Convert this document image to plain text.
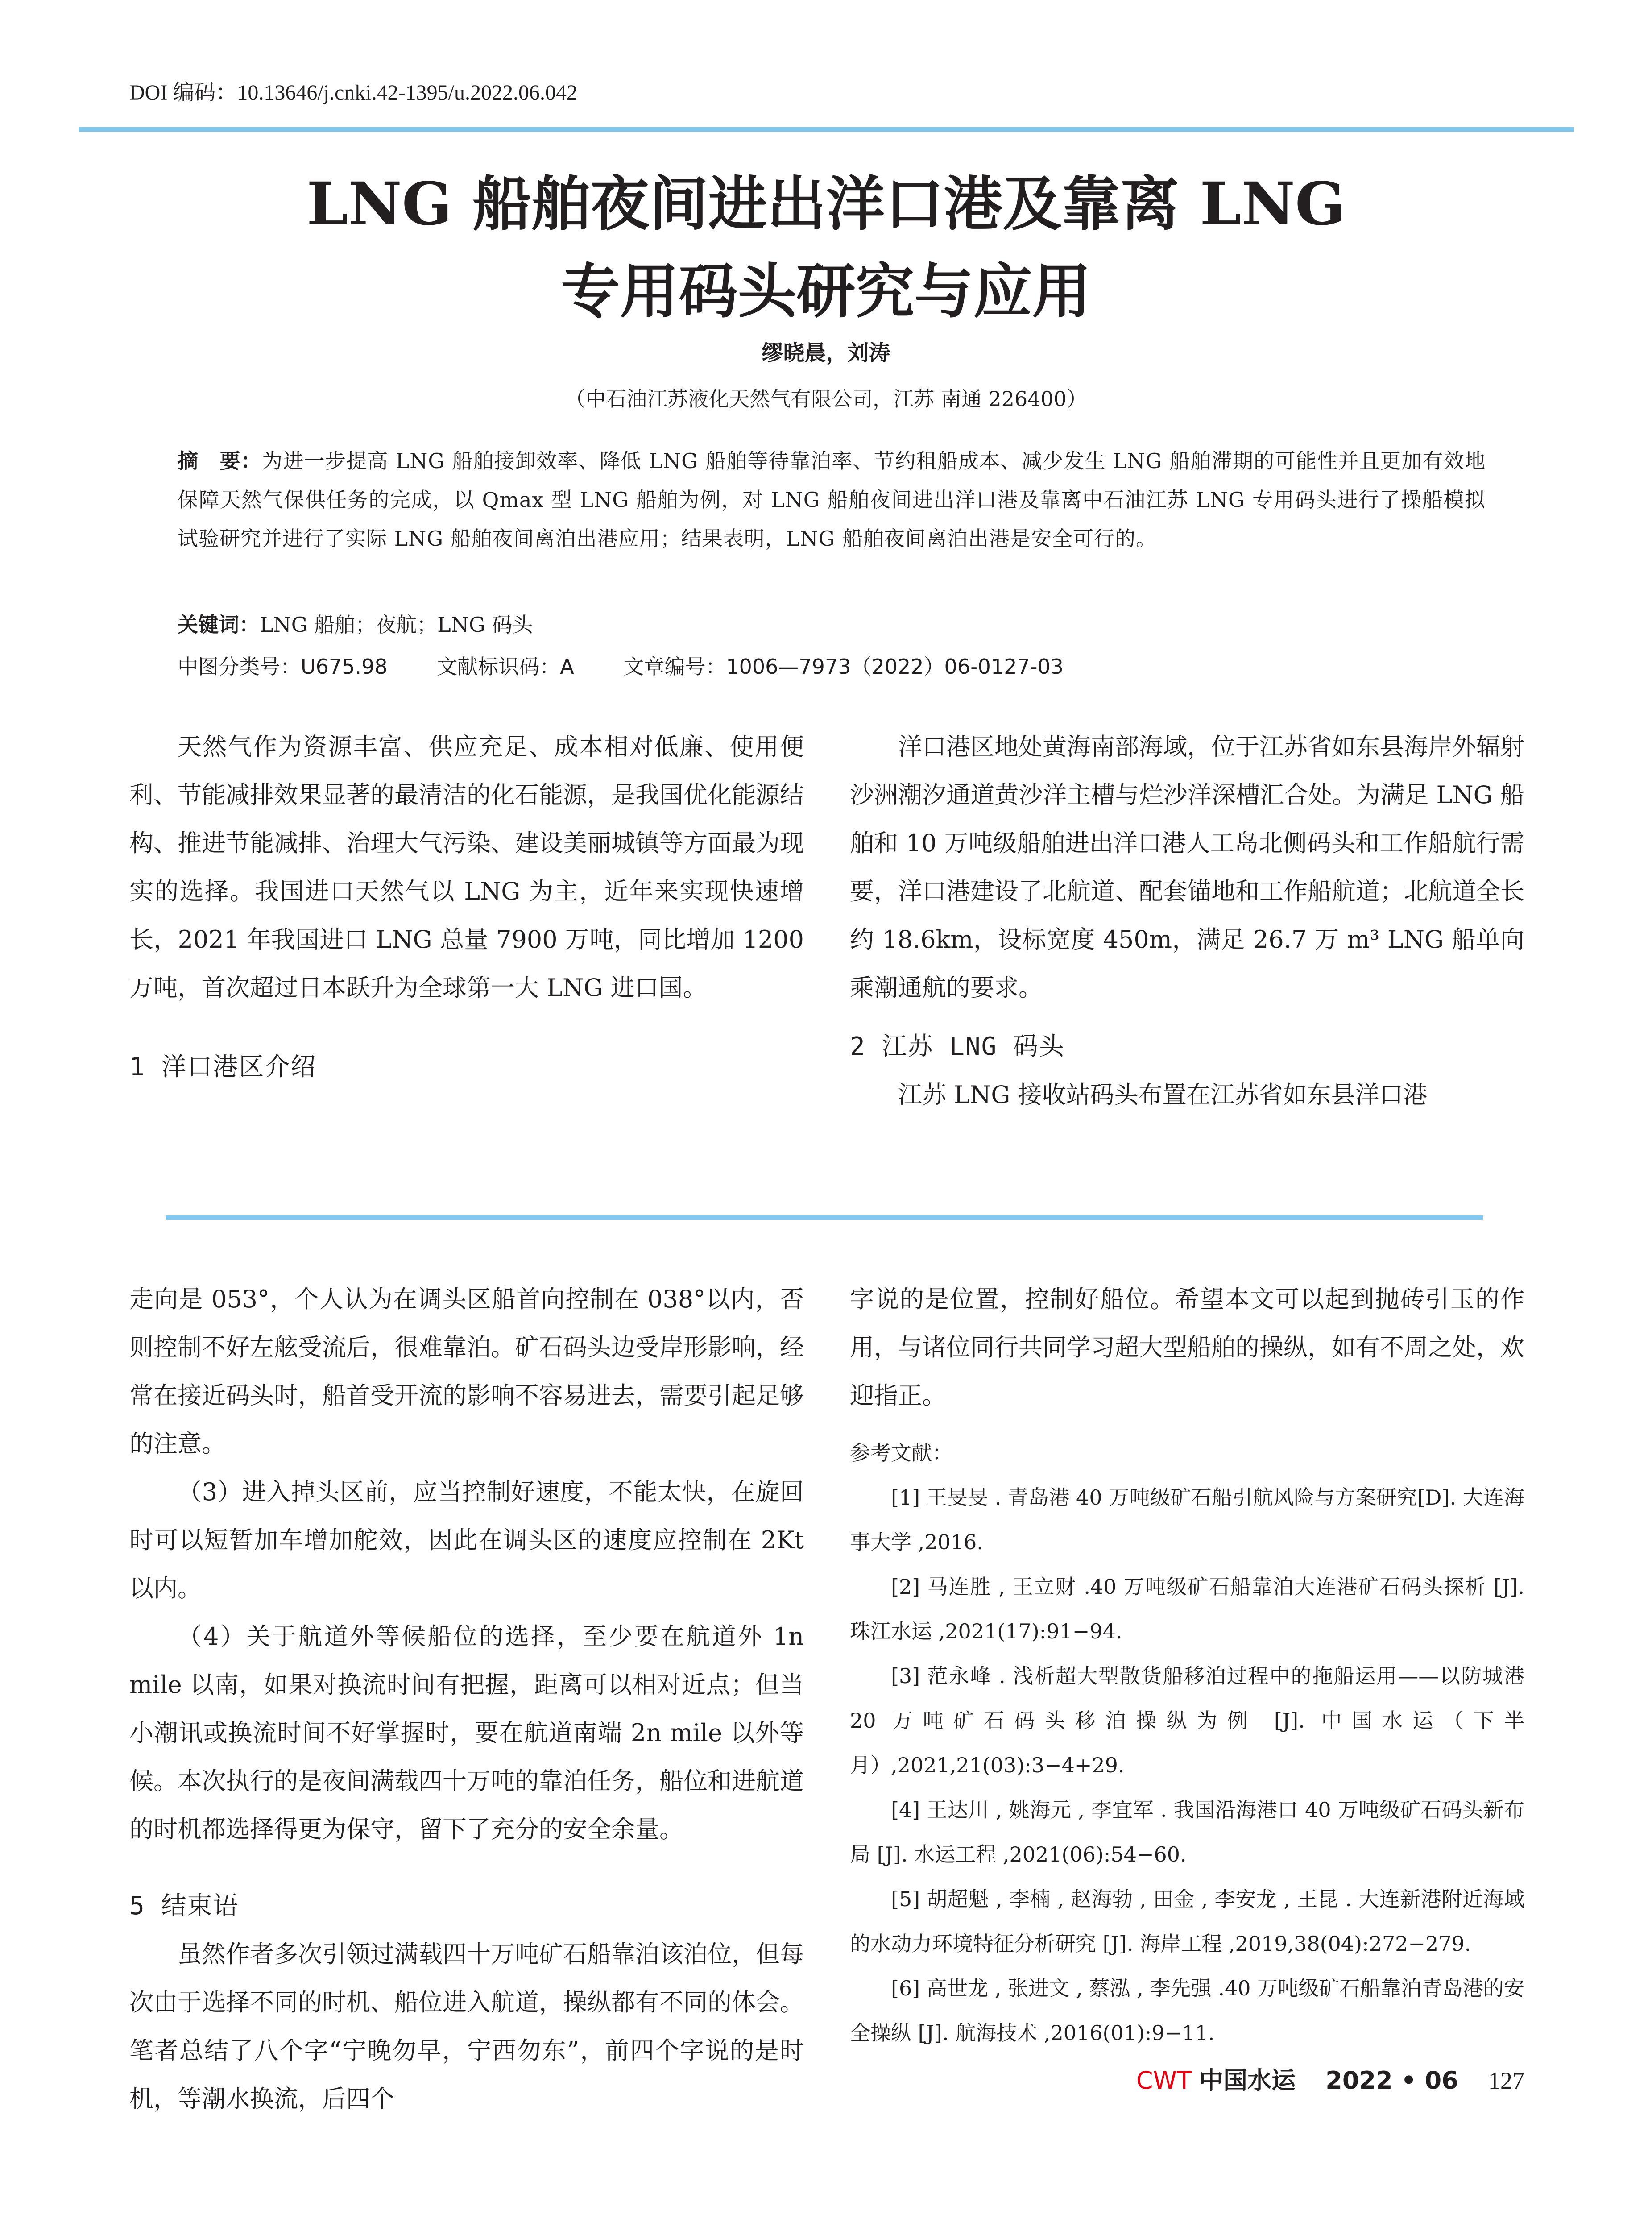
DOI 编码：10.13646/j.cnki.42-1395/u.2022.06.042
LNG 船舶夜间进出洋口港及靠离 LNG
专用码头研究与应用
缪晓晨，刘涛
（中石油江苏液化天然气有限公司，江苏 南通 226400）
摘　要：为进一步提高 LNG 船舶接卸效率、降低 LNG 船舶等待靠泊率、节约租船成本、减少发生 LNG 船舶滞期的可能性并且更加有效地保障天然气保供任务的完成，以 Qmax 型 LNG 船舶为例，对 LNG 船舶夜间进出洋口港及靠离中石油江苏 LNG 专用码头进行了操船模拟试验研究并进行了实际 LNG 船舶夜间离泊出港应用；结果表明，LNG 船舶夜间离泊出港是安全可行的。
关键词：LNG 船舶；夜航；LNG 码头
中图分类号：U675.98 文献标识码：A 文章编号：1006—7973（2022）06-0127-03

天然气作为资源丰富、供应充足、成本相对低廉、使用便利、节能减排效果显著的最清洁的化石能源，是我国优化能源结构、推进节能减排、治理大气污染、建设美丽城镇等方面最为现实的选择。我国进口天然气以 LNG 为主，近年来实现快速增长，2021 年我国进口 LNG 总量 7900 万吨，同比增加 1200 万吨，首次超过日本跃升为全球第一大 LNG 进口国。

1 洋口港区介绍

洋口港区地处黄海南部海域，位于江苏省如东县海岸外辐射沙洲潮汐通道黄沙洋主槽与烂沙洋深槽汇合处。为满足 LNG 船舶和 10 万吨级船舶进出洋口港人工岛北侧码头和工作船航行需要，洋口港建设了北航道、配套锚地和工作船航道；北航道全长约 18.6km，设标宽度 450m，满足 26.7 万 m³ LNG 船单向乘潮通航的要求。

2 江苏 LNG 码头

江苏 LNG 接收站码头布置在江苏省如东县洋口港

走向是 053°，个人认为在调头区船首向控制在 038°以内，否则控制不好左舷受流后，很难靠泊。矿石码头边受岸形影响，经常在接近码头时，船首受开流的影响不容易进去，需要引起足够的注意。

（3）进入掉头区前，应当控制好速度，不能太快，在旋回时可以短暂加车增加舵效，因此在调头区的速度应控制在 2Kt 以内。

（4）关于航道外等候船位的选择，至少要在航道外 1n mile 以南，如果对换流时间有把握，距离可以相对近点；但当小潮讯或换流时间不好掌握时，要在航道南端 2n mile 以外等候。本次执行的是夜间满载四十万吨的靠泊任务，船位和进航道的时机都选择得更为保守，留下了充分的安全余量。

5 结束语

虽然作者多次引领过满载四十万吨矿石船靠泊该泊位，但每次由于选择不同的时机、船位进入航道，操纵都有不同的体会。笔者总结了八个字“宁晚勿早，宁西勿东”，前四个字说的是时机，等潮水换流，后四个

字说的是位置，控制好船位。希望本文可以起到抛砖引玉的作用，与诸位同行共同学习超大型船舶的操纵，如有不周之处，欢迎指正。

参考文献：
[1] 王旻旻 . 青岛港 40 万吨级矿石船引航风险与方案研究[D]. 大连海事大学 ,2016.
[2] 马连胜 , 王立财 .40 万吨级矿石船靠泊大连港矿石码头探析 [J]. 珠江水运 ,2021(17):91−94.
[3] 范永峰 . 浅析超大型散货船移泊过程中的拖船运用——以防城港 20 万吨矿石码头移泊操纵为例 [J]. 中国水运（下半月）,2021,21(03):3−4+29.
[4] 王达川 , 姚海元 , 李宜军 . 我国沿海港口 40 万吨级矿石码头新布局 [J]. 水运工程 ,2021(06):54−60.
[5] 胡超魁 , 李楠 , 赵海勃 , 田金 , 李安龙 , 王昆 . 大连新港附近海域的水动力环境特征分析研究 [J]. 海岸工程 ,2019,38(04):272−279.
[6] 高世龙 , 张进文 , 蔡泓 , 李先强 .40 万吨级矿石船靠泊青岛港的安全操纵 [J]. 航海技术 ,2016(01):9−11.
CWT 中国水运 2022 • 06 127
